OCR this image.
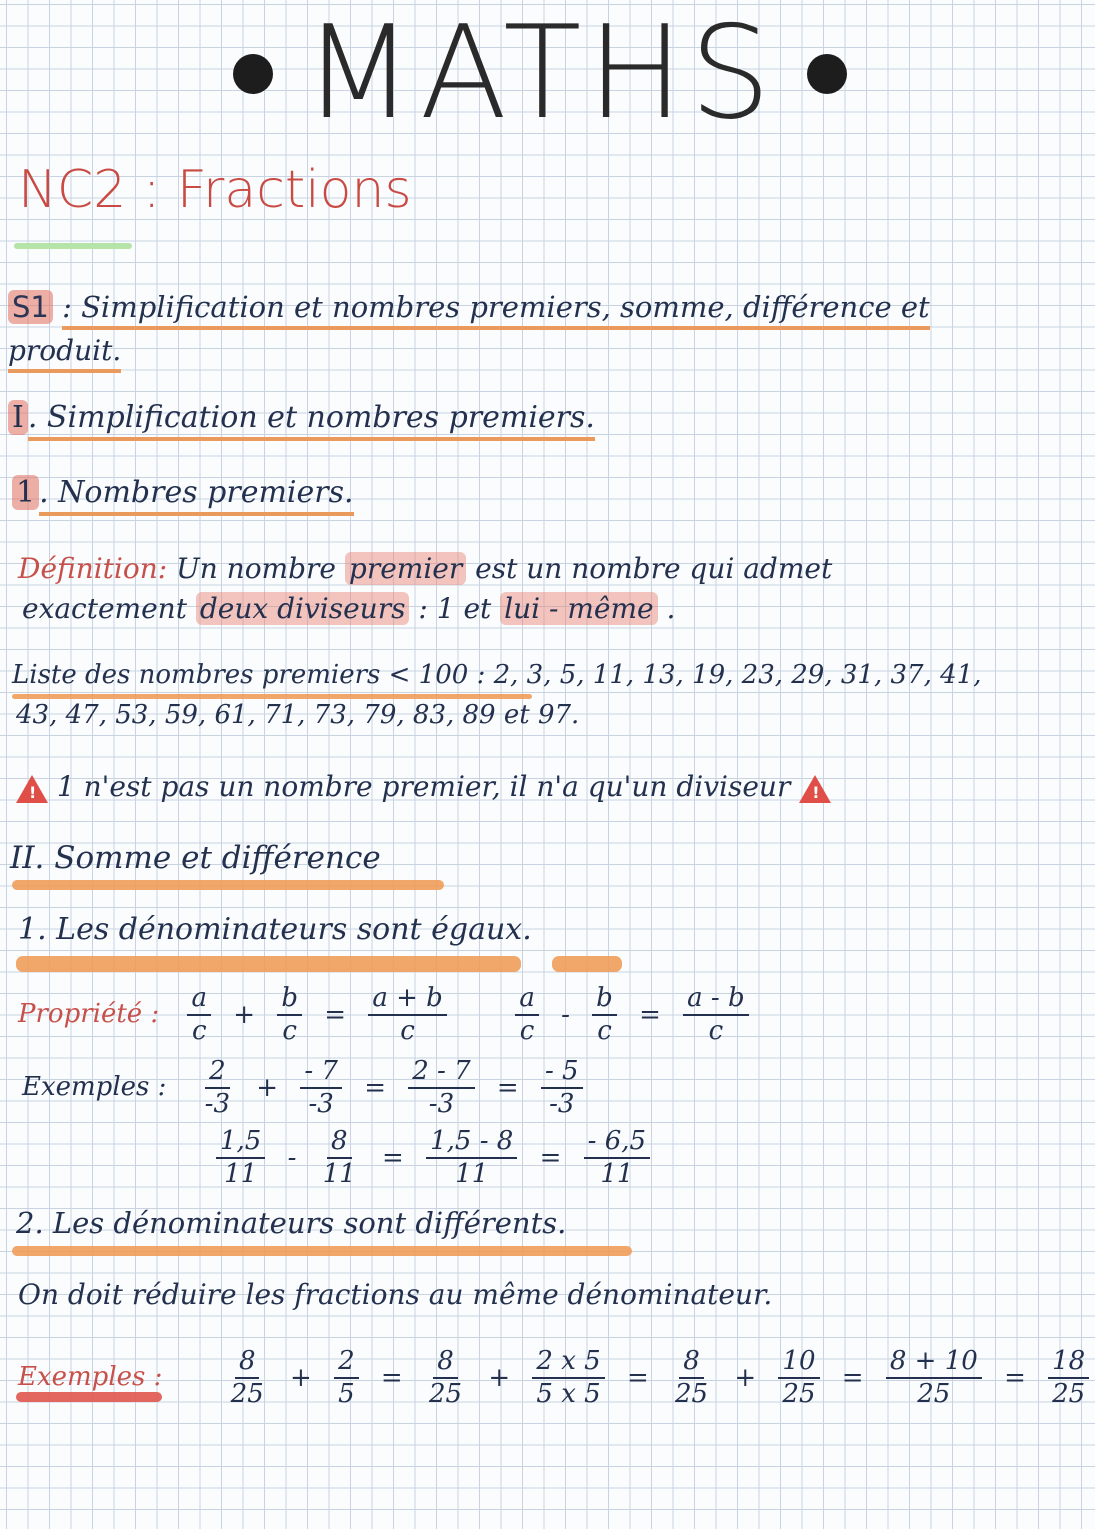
MATHS
NC2 : Fractions
S1 : Simplification et nombres premiers, somme, différence et
produit.
I . Simplification et nombres premiers.
1 . Nombres premiers.
Définition: Un nombre premier est un nombre qui admet
exactement deux diviseurs : 1 et lui - même .
Liste des nombres premiers < 100 : 2, 3, 5, 11, 13, 19, 23, 29, 31, 37, 41,
43, 47, 53, 59, 61, 71, 73, 79, 83, 89 et 97.
! 1 n'est pas un nombre premier, il n'a qu'un diviseur !
II. Somme et différence
1. Les dénominateurs sont égaux.
Propriété : $\frac{a}{c} + \frac{b}{c} = \frac{a + b}{c}$
	$\frac{a}{c} - \frac{b}{c} = \frac{a - b}{c}$
Exemples : $\frac{2}{-3} + \frac{- 7}{-3} = \frac{2 - 7}{-3} = \frac{- 5}{-3}$
$\frac{1,5}{11} - \frac{8}{11} = \frac{1,5 - 8}{11} = \frac{- 6,5}{11}$
2. Les dénominateurs sont différents.
On doit réduire les fractions au même dénominateur.
Exemples : $\frac{8}{25} + \frac{2}{5} = \frac{8}{25} + \frac{2 x 5}{5 x 5} = \frac{8}{25} + \frac{10}{25} = \frac{8 + 10}{25} = \frac{18}{25}$
